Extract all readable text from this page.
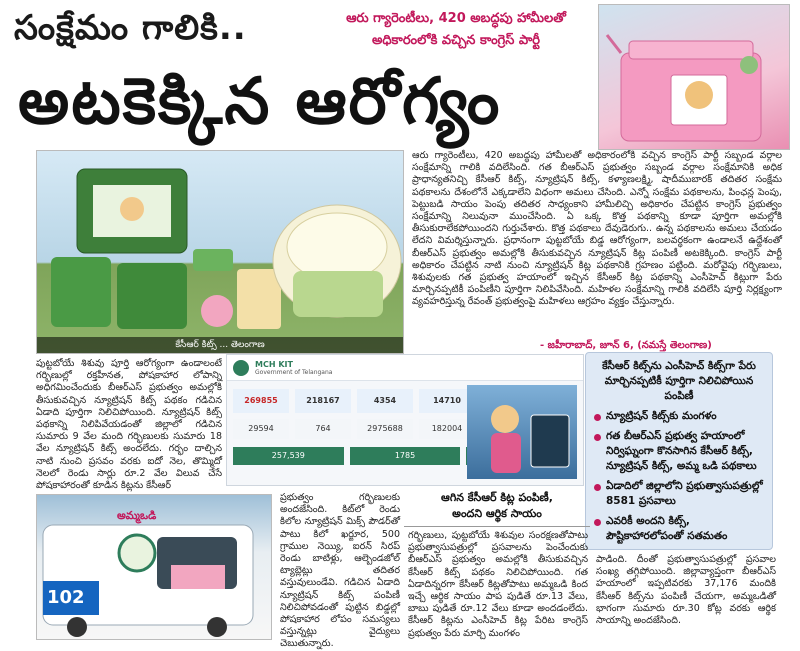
సంక్షేమం గాలికి..
అటకెక్కిన ఆరోగ్యం
ఆరు గ్యారెంటీలు, 420 అబద్ధపు హామీలతో
అధికారంలోకి వచ్చిన కాంగ్రెస్ పార్టీ
కేసీఆర్ కిట్స్ ... తెలంగాణ
ఆరు గ్యారెంటీలు, 420 అబద్ధపు హామీలతో అధికారంలోకి వచ్చిన కాంగ్రెస్ పార్టీ సబ్బండ వర్గాల సంక్షేమాన్ని గాలికి వదిలేసింది. గత బీఆర్ఎస్ ప్రభుత్వం సబ్బండ వర్గాల సంక్షేమానికి అధిక ప్రాధాన్యతనిచ్చి కేసీఆర్ కిట్స్, న్యూట్రిషన్ కిట్స్, కళ్యాణలక్ష్మి, షాదీముబారక్ తదితర సంక్షేమ పథకాలను దేశంలోనే ఎక్కడాలేని విధంగా అమలు చేసింది. ఎన్నో సంక్షేమ పథకాలను, పింఛన్ల పెంపు, పెట్టుబడి సాయం పెంపు తదితర సాధ్యంకాని హామీలిచ్చి అధికారం చేపట్టిన కాంగ్రెస్ ప్రభుత్వం సంక్షేమాన్ని నిలువునా ముంచేసింది. ఏ ఒక్క కొత్త పథకాన్ని కూడా పూర్తిగా అమల్లోకి తీసుకురాలేకపోయిందని గుర్తుచేశారు. కొత్త పథకాలు దేవుడెరుగు.. ఉన్న పథకాలను అమలు చేయడం లేదని విమర్శిస్తున్నారు. ప్రధానంగా పుట్టబోయే బిడ్డ ఆరోగ్యంగా, బలవర్ధకంగా ఉండాలనే ఉద్దేశంతో బీఆర్ఎస్ ప్రభుత్వం అమల్లోకి తీసుకువచ్చిన న్యూట్రిషన్ కిట్ల పంపిణీ అటకెక్కింది. కాంగ్రెస్ పార్టీ అధికారం చేపట్టిన నాటి నుంచి న్యూట్రిషన్ కిట్ల పథకానికి గ్రహణం పట్టింది. మరోవైపు గర్భిణులు, శిశువులకు గత ప్రభుత్వ హయాంలో ఇచ్చిన కేసీఆర్ కిట్ల పథకాన్ని ఎంసీహెచ్ కిట్లుగా పేరు మార్చినప్పటికీ పంపిణీని పూర్తిగా నిలిపివేసింది. మహిళల సంక్షేమాన్ని గాలికి వదిలేసి పూర్తి నిర్లక్ష్యంగా వ్యవహరిస్తున్న రేవంత్ ప్రభుత్వంపై మహిళలు ఆగ్రహం వ్యక్తం చేస్తున్నారు.
- జహీరాబాద్, జూన్ 6, (నమస్తే తెలంగాణ)
పుట్టబోయే శిశువు పూర్తి ఆరోగ్యంగా ఉండాలంటే గర్భిణుల్లో రక్తహీనత, పోషకాహార లోపాన్ని అధిగమించేందుకు బీఆర్ఎస్ ప్రభుత్వం అమల్లోకి తీసుకువచ్చిన న్యూట్రిషన్ కిట్స్ పథకం గడిచిన ఏడాది పూర్తిగా నిలిచిపోయింది. న్యూట్రిషన్ కిట్స్ పథకాన్ని నిలిపివేయడంతో జిల్లాలో గడిచిన సుమారు 9 వేల మంది గర్భిణులకు సుమారు 18 వేల న్యూట్రిషన్ కిట్స్ అందలేదు. గర్భం దాల్చిన నాటి నుంచి ప్రసవం వరకు ఐదో నెల, తొమ్మిదో నెలలో రెండు సార్లు రూ.2 వేల విలువ చేసే పోషకాహారంతో కూడిన కిట్లను కేసీఆర్
MCH KIT
Government of Telangana
269855	218167	4354	14710
29594	764	2975688	182004
257,539	1785
కేసీఆర్ కిట్స్‌ను ఎంసీహెచ్ కిట్స్‌గా పేరు మార్చినప్పటికీ పూర్తిగా నిలిచిపోయిన పంపిణీ
న్యూట్రిషన్ కిట్స్‌కు మంగళం
గత బీఆర్ఎస్ ప్రభుత్వ హయాంలో నిర్విఘ్నంగా కొనసాగిన కేసీఆర్ కిట్స్, న్యూట్రిషన్ కిట్స్, అమ్మ ఒడి పథకాలు
ఏడాదిలో జిల్లాలోని ప్రభుత్వాసుపత్రుల్లో 8581 ప్రసవాలు
ఎవరికీ అందని కిట్స్, పౌష్టికాహారలోపంతో సతమతం
ప్రభుత్వం గర్భిణులకు అందజేసింది. కిట్‌లో రెండు కిలోల న్యూట్రిషన్ మిక్స్ పౌడర్‌తో పాటు కిలో ఖర్జూర, 500 గ్రాముల నెయ్యి, ఐరన్ సిరప్ రెండు బాటిళ్లు, ఆల్బెండజోల్ ట్యాబ్లెట్లు తదితర వస్తువులుండేవి. గడిచిన ఏడాది న్యూట్రిషన్ కిట్స్ పంపిణీ నిలిచిపోవడంతో పుట్టిన బిడ్డల్లో పోషకాహార లోపం సమస్యలు వస్తున్నట్లు వైద్యులు చెబుతున్నారు.
ఆగిన కేసీఆర్ కిట్ల పంపిణీ,
అందని ఆర్థిక సాయం
గర్భిణులు, పుట్టబోయే శిశువుల సంరక్షణతోపాటు ప్రభుత్వాసుపత్రుల్లో ప్రసవాలను పెంచేందుకు బీఆర్ఎస్ ప్రభుత్వం అమల్లోకి తీసుకువచ్చిన కేసీఆర్ కిట్స్ పథకం నిలిచిపోయింది. గత ఏడాదిన్నరగా కేసీఆర్ కిట్లతోపాటు అమ్మఒడి కింద ఇచ్చే ఆర్థిక సాయం పాప పుడితే రూ.13 వేలు, బాబు పుడితే రూ.12 వేలు కూడా అందడంలేదు. కేసీఆర్ కిట్లను ఎంసీహెచ్ కిట్ల పేరిట కాంగ్రెస్ ప్రభుత్వం పేరు మార్చి మంగళం
పాడింది. దీంతో ప్రభుత్వాసుపత్రుల్లో ప్రసవాల సంఖ్య తగ్గిపోయింది. జిల్లావ్యాప్తంగా బీఆర్ఎస్ హయాంలో ఇప్పటివరకు 37,176 మందికి కేసీఆర్ కిట్స్‌ను పంపిణీ చేయగా, అమ్మఒడితో భాగంగా సుమారు రూ.30 కోట్ల వరకు ఆర్థిక సాయాన్ని అందజేసింది.
102
అమ్మఒడి
